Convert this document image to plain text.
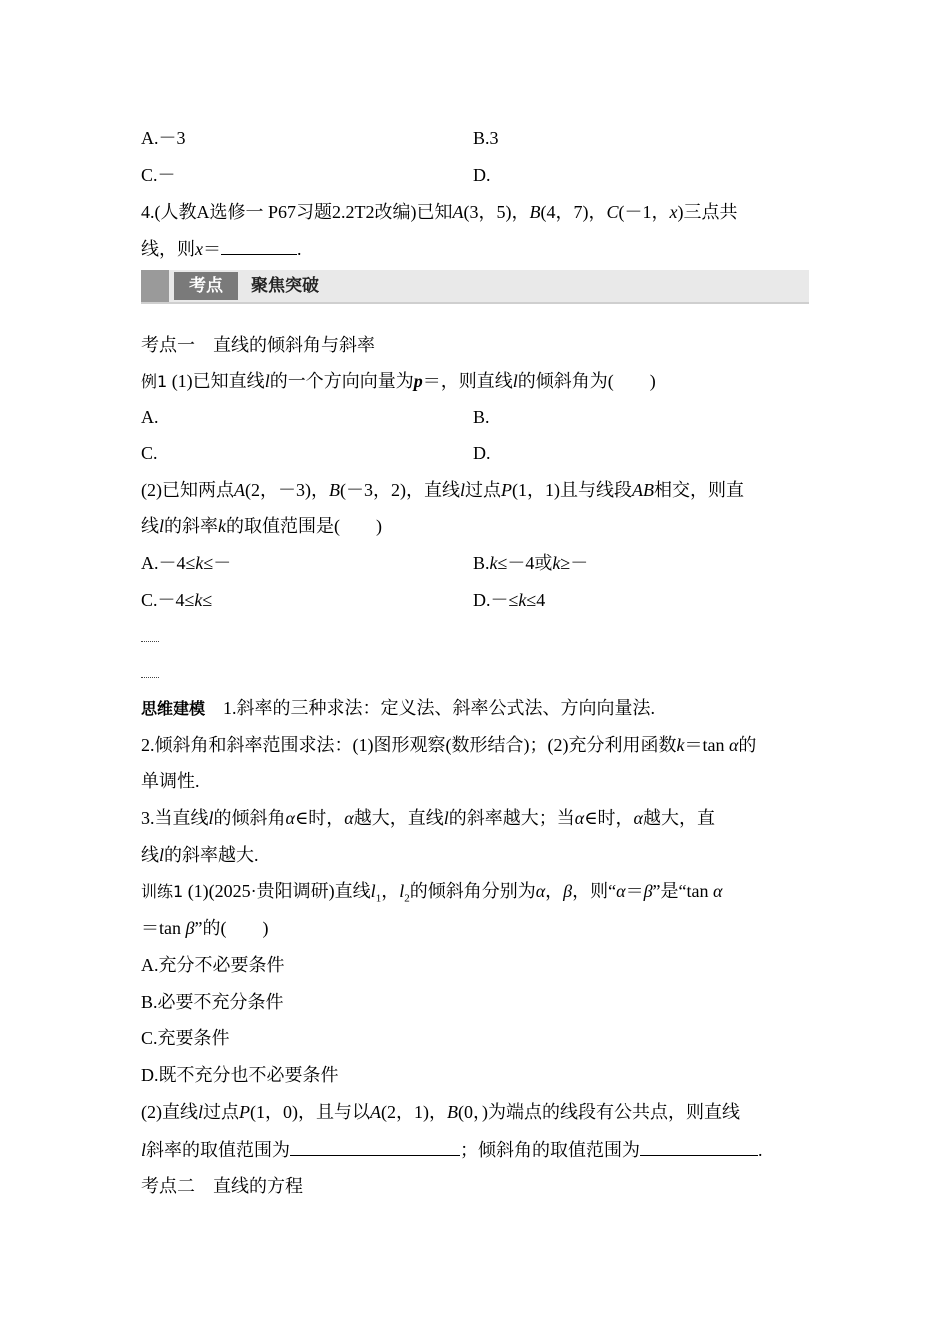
A.－3	B.3
C.－	D.
4.(人教A选修一 P67习题2.2T2改编)已知A(3，5)，B(4，7)，C(－1，x)三点共
线，则x＝	.
考点	聚焦突破
考点一　直线的倾斜角与斜率
例1 (1)已知直线l的一个方向向量为p＝，则直线l的倾斜角为(　　)
A.	B.
C.	D.
(2)已知两点A(2，－3)，B(－3，2)，直线l过点P(1，1)且与线段AB相交，则直
线l的斜率k的取值范围是(　　)
A.－4≤k≤－	B.k≤－4或k≥－
C.－4≤k≤	D.－≤k≤4
思维建模　1.斜率的三种求法：定义法、斜率公式法、方向向量法.
2.倾斜角和斜率范围求法：(1)图形观察(数形结合)；(2)充分利用函数k＝tan α的
单调性.
3.当直线l的倾斜角α∈时，α越大，直线l的斜率越大；当α∈时，α越大，直
线l的斜率越大.
训练1 (1)(2025·贵阳调研)直线$l_1$，$l_2$的倾斜角分别为α，β，则“α＝β”是“tan α
＝tan β”的(　　)
A.充分不必要条件
B.必要不充分条件
C.充要条件
D.既不充分也不必要条件
(2)直线l过点P(1，0)，且与以A(2，1)，B(0，)为端点的线段有公共点，则直线
l斜率的取值范围为	；倾斜角的取值范围为	.
考点二　直线的方程
